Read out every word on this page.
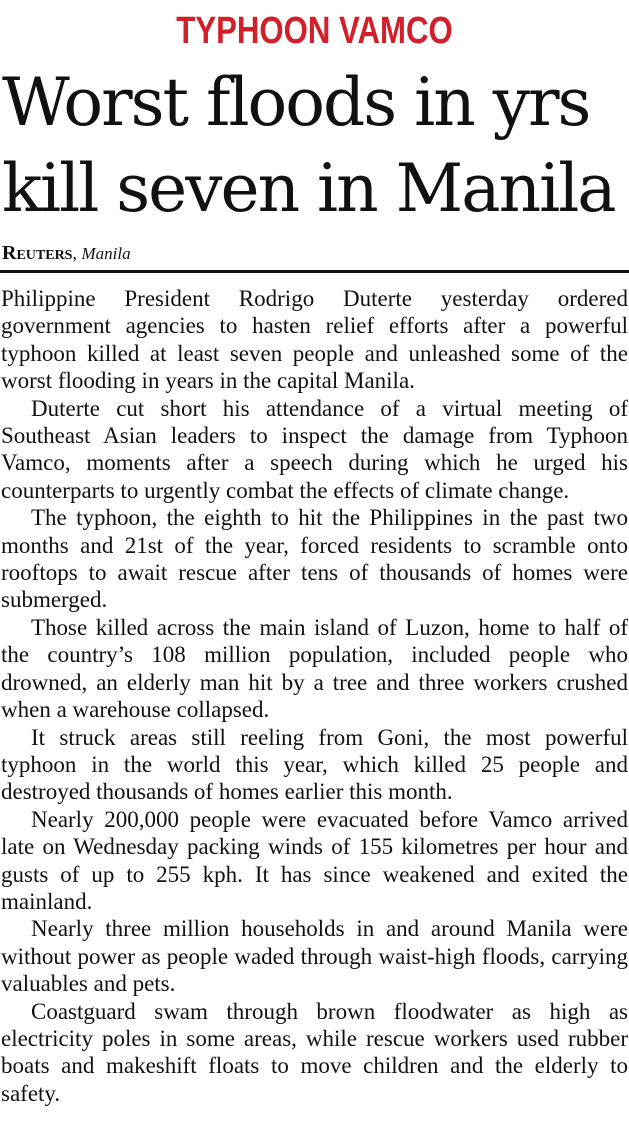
TYPHOON VAMCO
Worst floods in yrs
kill seven in Manila
Reuters, Manila

Philippine President Rodrigo Duterte yesterday ordered government agencies to hasten relief efforts after a powerful typhoon killed at least seven people and unleashed some of the worst flooding in years in the capital Manila.

Duterte cut short his attendance of a virtual meeting of Southeast Asian leaders to inspect the damage from Typhoon Vamco, moments after a speech during which he urged his counterparts to urgently combat the effects of climate change.

The typhoon, the eighth to hit the Philippines in the past two months and 21st of the year, forced residents to scramble onto rooftops to await rescue after tens of thousands of homes were submerged.

Those killed across the main island of Luzon, home to half of the country’s 108 million population, included people who drowned, an elderly man hit by a tree and three workers crushed when a warehouse collapsed.

It struck areas still reeling from Goni, the most powerful typhoon in the world this year, which killed 25 people and destroyed thousands of homes earlier this month.

Nearly 200,000 people were evacuated before Vamco arrived late on Wednesday packing winds of 155 kilometres per hour and gusts of up to 255 kph. It has since weakened and exited the mainland.

Nearly three million households in and around Manila were without power as people waded through waist-high floods, carrying valuables and pets.

Coastguard swam through brown floodwater as high as electricity poles in some areas, while rescue workers used rubber boats and makeshift floats to move children and the elderly to safety.
